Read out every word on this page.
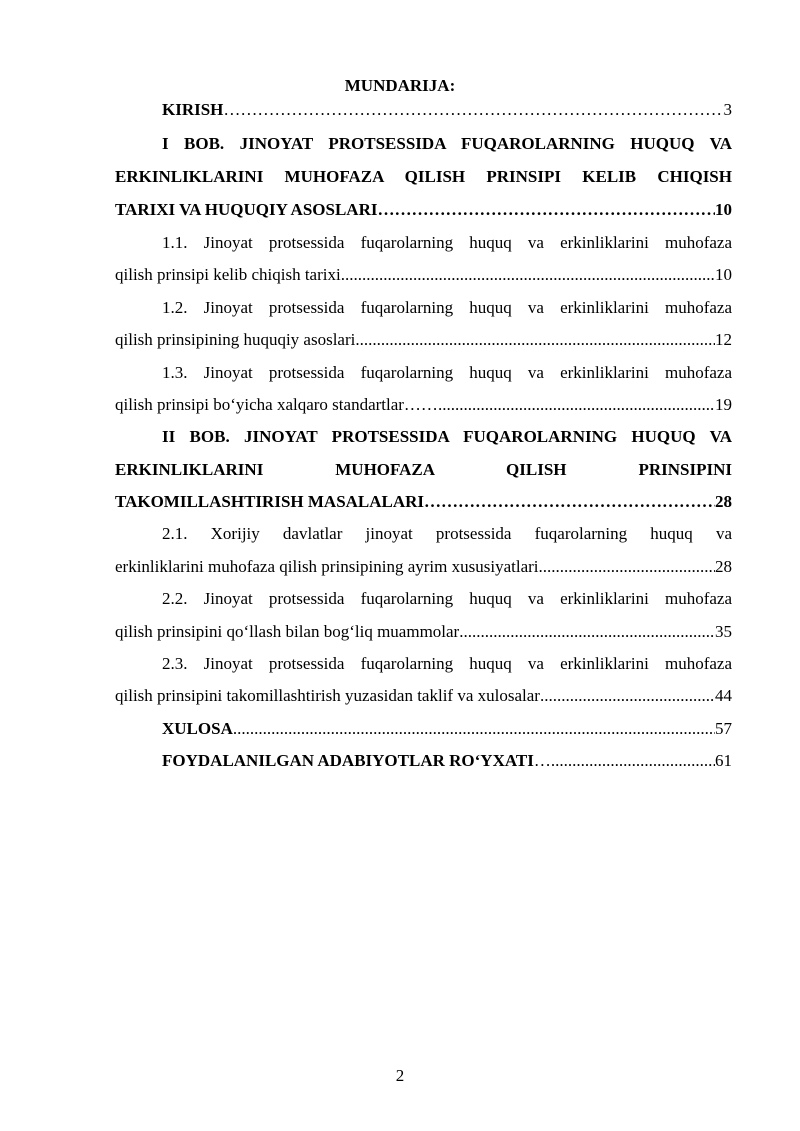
MUNDARIJA:
KIRISH ……………………………………………………………………………………………………………………………………………………………………	3
I BOB. JINOYAT PROTSESSIDA FUQAROLARNING HUQUQ VA
ERKINLIKLARINI MUHOFAZA QILISH PRINSIPI KELIB CHIQISH
TARIXI VA HUQUQIY ASOSLARI ……………………………………………………………………………………………………………………………………………………………………	10
1.1. Jinoyat protsessida fuqarolarning huquq va erkinliklarini muhofaza
qilish prinsipi kelib chiqish tarixi .....	10
1.2. Jinoyat protsessida fuqarolarning huquq va erkinliklarini muhofaza
qilish prinsipining huquqiy asoslari .....	12
1.3. Jinoyat protsessida fuqarolarning huquq va erkinliklarini muhofaza
qilish prinsipi bo‘yicha xalqaro standartlar…… .....	19
II BOB. JINOYAT PROTSESSIDA FUQAROLARNING HUQUQ VA
ERKINLIKLARINI MUHOFAZA QILISH PRINSIPINI
TAKOMILLASHTIRISH MASALALARI ……………………………………………………………………………………………………………………………………………………………………	28
2.1. Xorijiy davlatlar jinoyat protsessida fuqarolarning huquq va
erkinliklarini muhofaza qilish prinsipining ayrim xususiyatlari .....	28
2.2. Jinoyat protsessida fuqarolarning huquq va erkinliklarini muhofaza
qilish prinsipini qo‘llash bilan bog‘liq muammolar .....	35
2.3. Jinoyat protsessida fuqarolarning huquq va erkinliklarini muhofaza
qilish prinsipini takomillashtirish yuzasidan taklif va xulosalar .....	44
XULOSA .....	57
FOYDALANILGAN ADABIYOTLAR RO‘YXATI … .....	61
2
